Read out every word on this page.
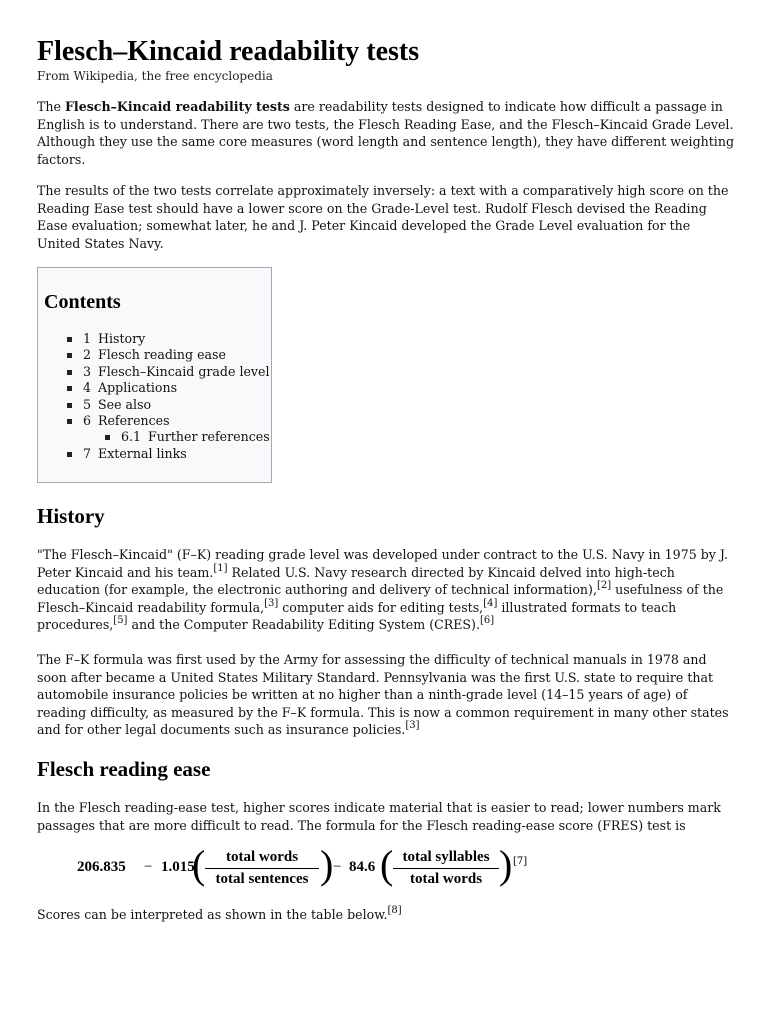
Flesch–Kincaid readability tests

From Wikipedia, the free encyclopedia

The Flesch–Kincaid readability tests are readability tests designed to indicate how difficult a passage in English is to understand. There are two tests, the Flesch Reading Ease, and the Flesch–Kincaid Grade Level. Although they use the same core measures (word length and sentence length), they have different weighting factors.

The results of the two tests correlate approximately inversely: a text with a comparatively high score on the Reading Ease test should have a lower score on the Grade-Level test. Rudolf Flesch devised the Reading Ease evaluation; somewhat later, he and J. Peter Kincaid developed the Grade Level evaluation for the United States Navy.

Contents
1 History
2 Flesch reading ease
3 Flesch–Kincaid grade level
4 Applications
5 See also
6 References
6.1 Further references
7 External links
History

"The Flesch–Kincaid" (F–K) reading grade level was developed under contract to the U.S. Navy in 1975 by J. Peter Kincaid and his team.[1] Related U.S. Navy research directed by Kincaid delved into high-tech education (for example, the electronic authoring and delivery of technical information),[2] usefulness of the Flesch–Kincaid readability formula,[3] computer aids for editing tests,[4] illustrated formats to teach procedures,[5] and the Computer Readability Editing System (CRES).[6]

The F–K formula was first used by the Army for assessing the difficulty of technical manuals in 1978 and soon after became a United States Military Standard. Pennsylvania was the first U.S. state to require that automobile insurance policies be written at no higher than a ninth-grade level (14–15 years of age) of reading difficulty, as measured by the F–K formula. This is now a common requirement in many other states and for other legal documents such as insurance policies.[3]

Flesch reading ease

In the Flesch reading-ease test, higher scores indicate material that is easier to read; lower numbers mark passages that are more difficult to read. The formula for the Flesch reading-ease score (FRES) test is

206.835 − 1.015
(	total words
total sentences ) − 84.6 ( total syllables
total words ) [7]

Scores can be interpreted as shown in the table below.[8]
